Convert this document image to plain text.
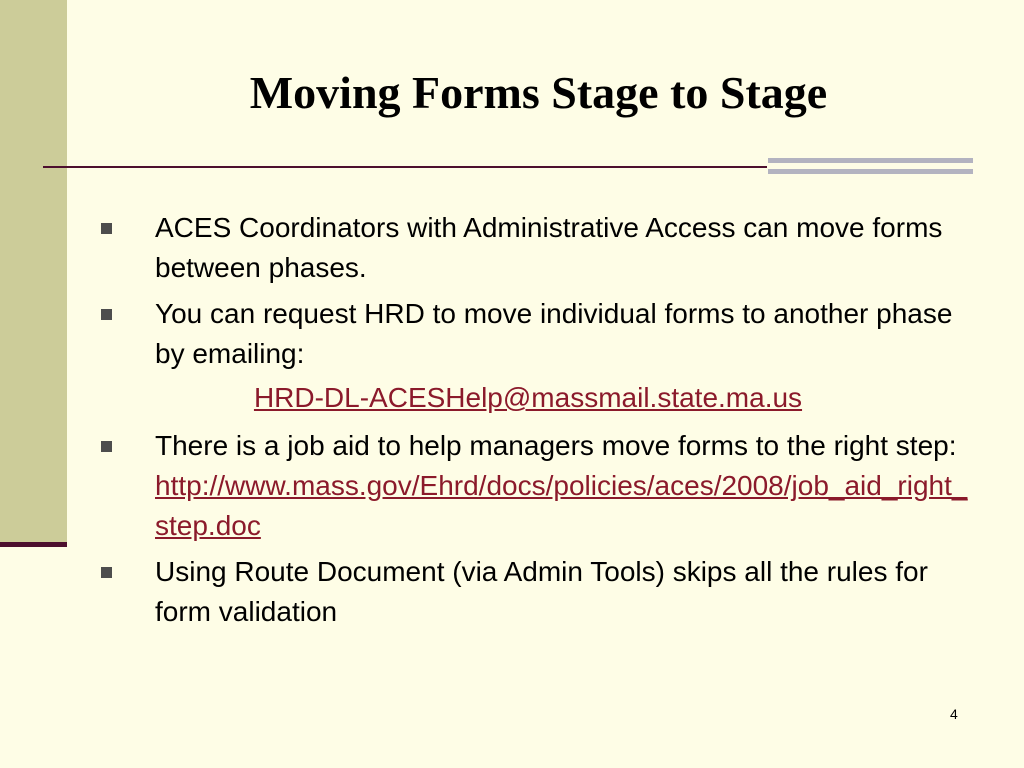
Moving Forms Stage to Stage
ACES Coordinators with Administrative Access can move forms between phases.
You can request HRD to move individual forms to another phase by emailing:
HRD-DL-ACESHelp@massmail.state.ma.us
There is a job aid to help managers move forms to the right step: http://www.mass.gov/Ehrd/docs/policies/aces/2008/job_aid_right_step.doc
Using Route Document (via Admin Tools) skips all the rules for form validation
4
